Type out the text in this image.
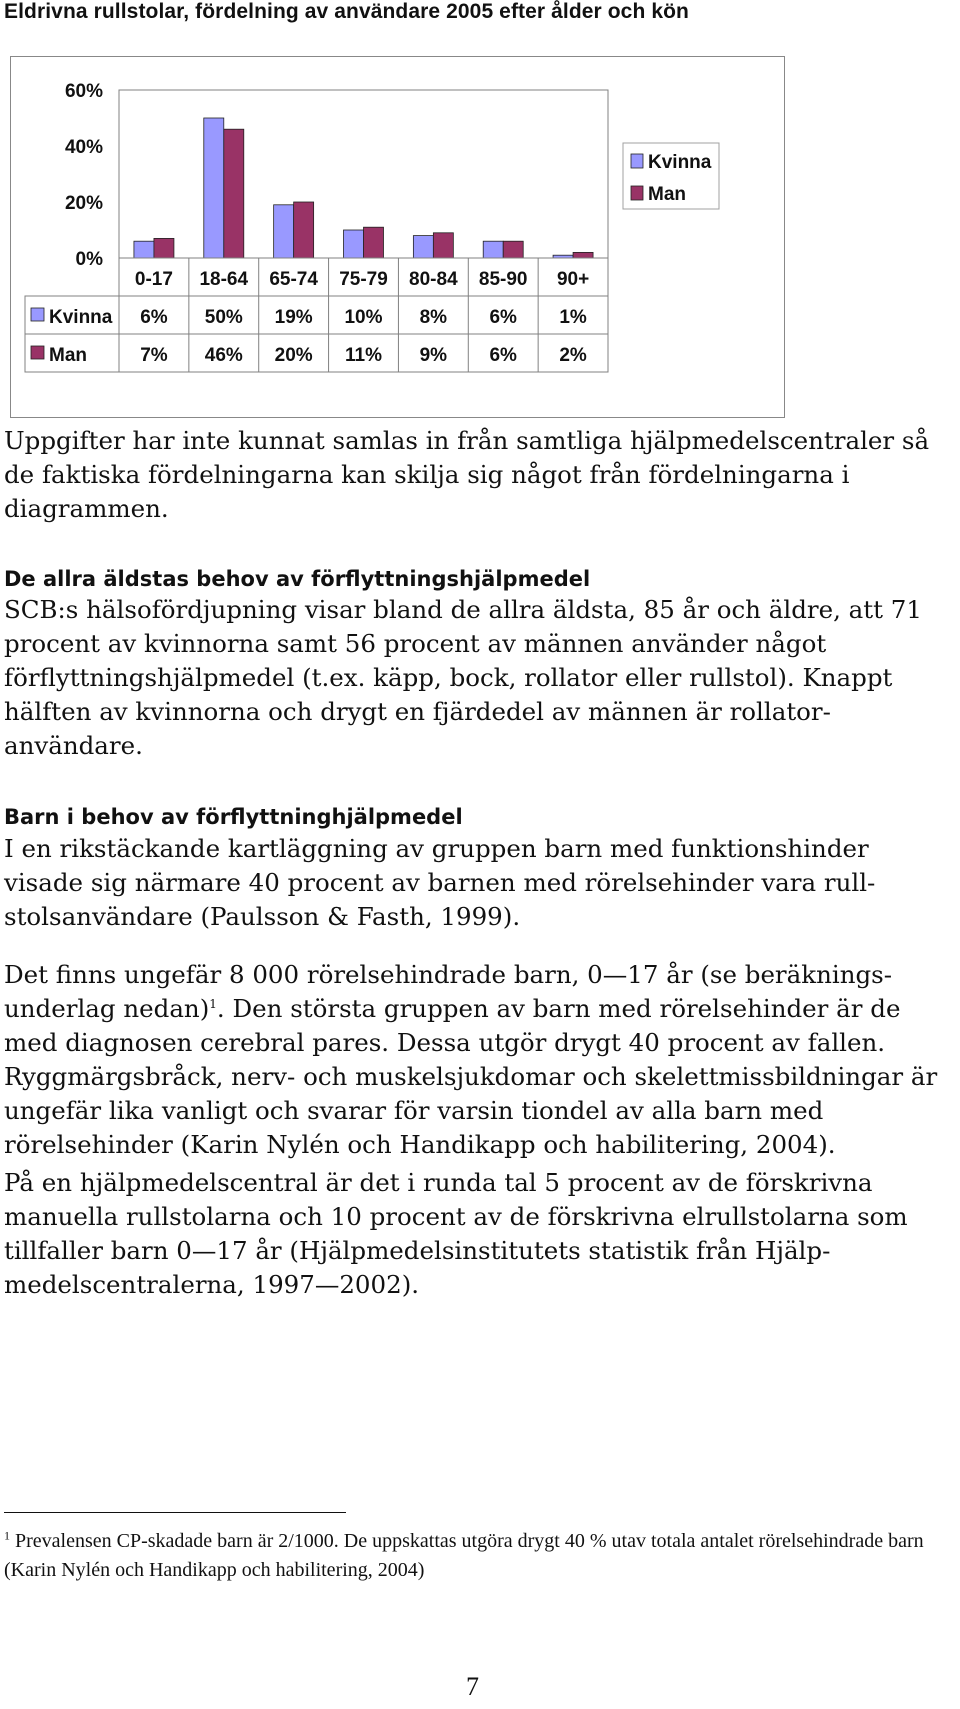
Eldrivna rullstolar, fördelning av användare 2005 efter ålder och kön
0%
20%
40%
60%
0-17 18-64 65-74 75-79 80-84 85-90 90+
Kvinna 6% 50% 19% 10% 8% 6% 1%
Man	7% 46% 20% 11% 9% 6% 2%
Kvinna
Man

Uppgifter har inte kunnat samlas in från samtliga hjälpmedelscentraler så de faktiska fördelningarna kan skilja sig något från fördelningarna i diagrammen.

De allra äldstas behov av förflyttningshjälpmedel

SCB:s hälsofördjupning visar bland de allra äldsta, 85 år och äldre, att 71 procent av kvinnorna samt 56 procent av männen använder något förflyttningshjälpmedel (t.ex. käpp, bock, rollator eller rullstol). Knappt hälften av kvinnorna och drygt en fjärdedel av männen är rollator-användare.

Barn i behov av förflyttninghjälpmedel

I en rikstäckande kartläggning av gruppen barn med funktionshinder visade sig närmare 40 procent av barnen med rörelsehinder vara rull-stolsanvändare (Paulsson & Fasth, 1999).

Det finns ungefär 8 000 rörelsehindrade barn, 0—17 år (se beräknings-underlag nedan)$^1$. Den största gruppen av barn med rörelsehinder är de med diagnosen cerebral pares. Dessa utgör drygt 40 procent av fallen. Ryggmärgsbråck, nerv- och muskelsjukdomar och skelettmissbildningar är ungefär lika vanligt och svarar för varsin tiondel av alla barn med rörelsehinder (Karin Nylén och Handikapp och habilitering, 2004).

På en hjälpmedelscentral är det i runda tal 5 procent av de förskrivna manuella rullstolarna och 10 procent av de förskrivna elrullstolarna som tillfaller barn 0—17 år (Hjälpmedelsinstitutets statistik från Hjälp-medelscentralerna, 1997—2002).

$^1$ Prevalensen CP-skadade barn är 2/1000. De uppskattas utgöra drygt 40 % utav totala antalet rörelsehindrade barn (Karin Nylén och Handikapp och habilitering, 2004)
7
